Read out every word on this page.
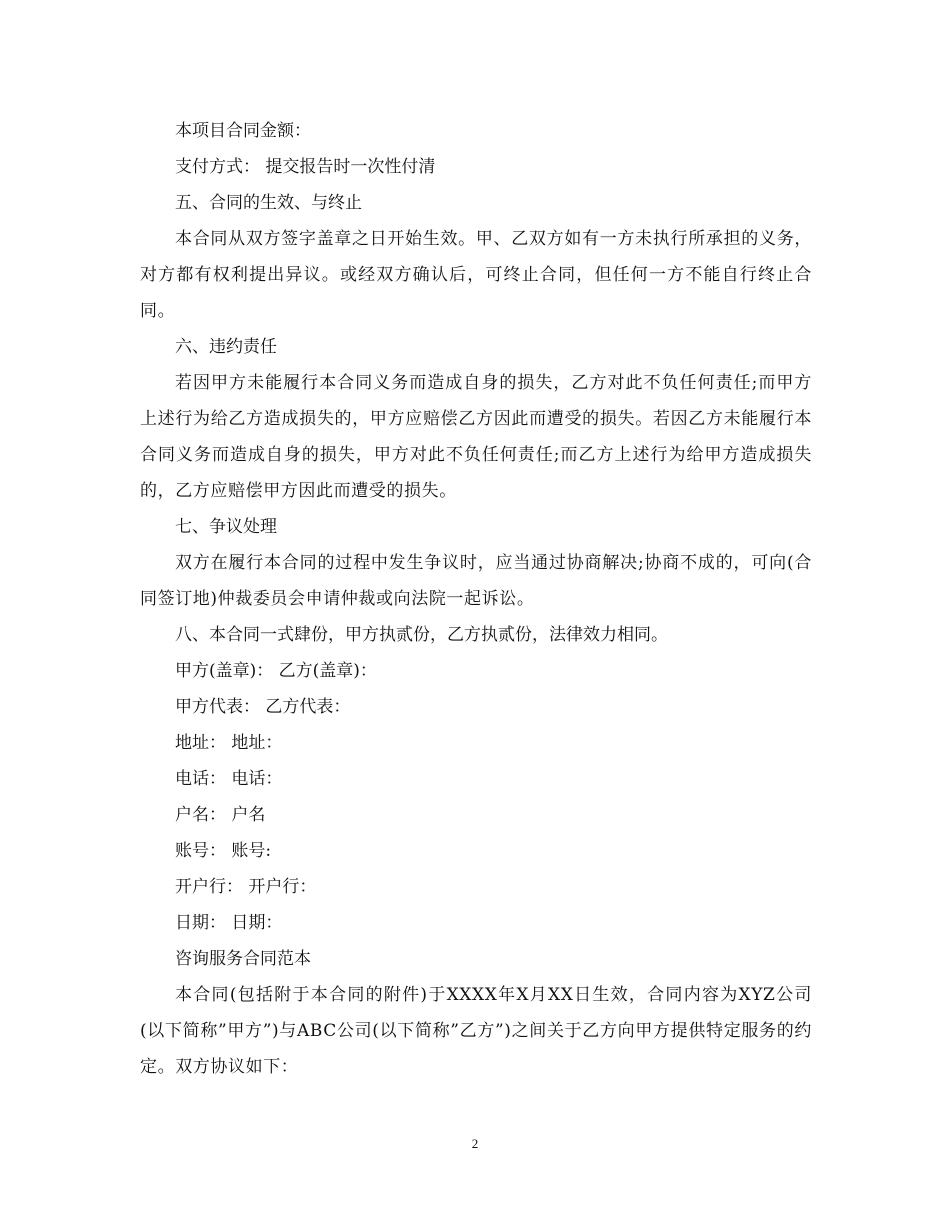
本项目合同金额：
支付方式： 提交报告时一次性付清
五、合同的生效、与终止
本合同从双方签字盖章之日开始生效。甲、乙双方如有一方未执行所承担的义务，对方都有权利提出异议。或经双方确认后，可终止合同，但任何一方不能自行终止合同。
六、违约责任
若因甲方未能履行本合同义务而造成自身的损失，乙方对此不负任何责任;而甲方上述行为给乙方造成损失的，甲方应赔偿乙方因此而遭受的损失。若因乙方未能履行本合同义务而造成自身的损失，甲方对此不负任何责任;而乙方上述行为给甲方造成损失的，乙方应赔偿甲方因此而遭受的损失。
七、争议处理
双方在履行本合同的过程中发生争议时，应当通过协商解决;协商不成的，可向(合同签订地)仲裁委员会申请仲裁或向法院一起诉讼。
八、本合同一式肆份，甲方执贰份，乙方执贰份，法律效力相同。
甲方(盖章)： 乙方(盖章)：
甲方代表： 乙方代表：
地址： 地址：
电话： 电话：
户名： 户名
账号： 账号:
开户行： 开户行：
日期： 日期：
咨询服务合同范本
本合同(包括附于本合同的附件)于XXXX年X月XX日生效，合同内容为XYZ公司(以下简称”甲方”)与ABC公司(以下简称”乙方”)之间关于乙方向甲方提供特定服务的约定。双方协议如下：
2
